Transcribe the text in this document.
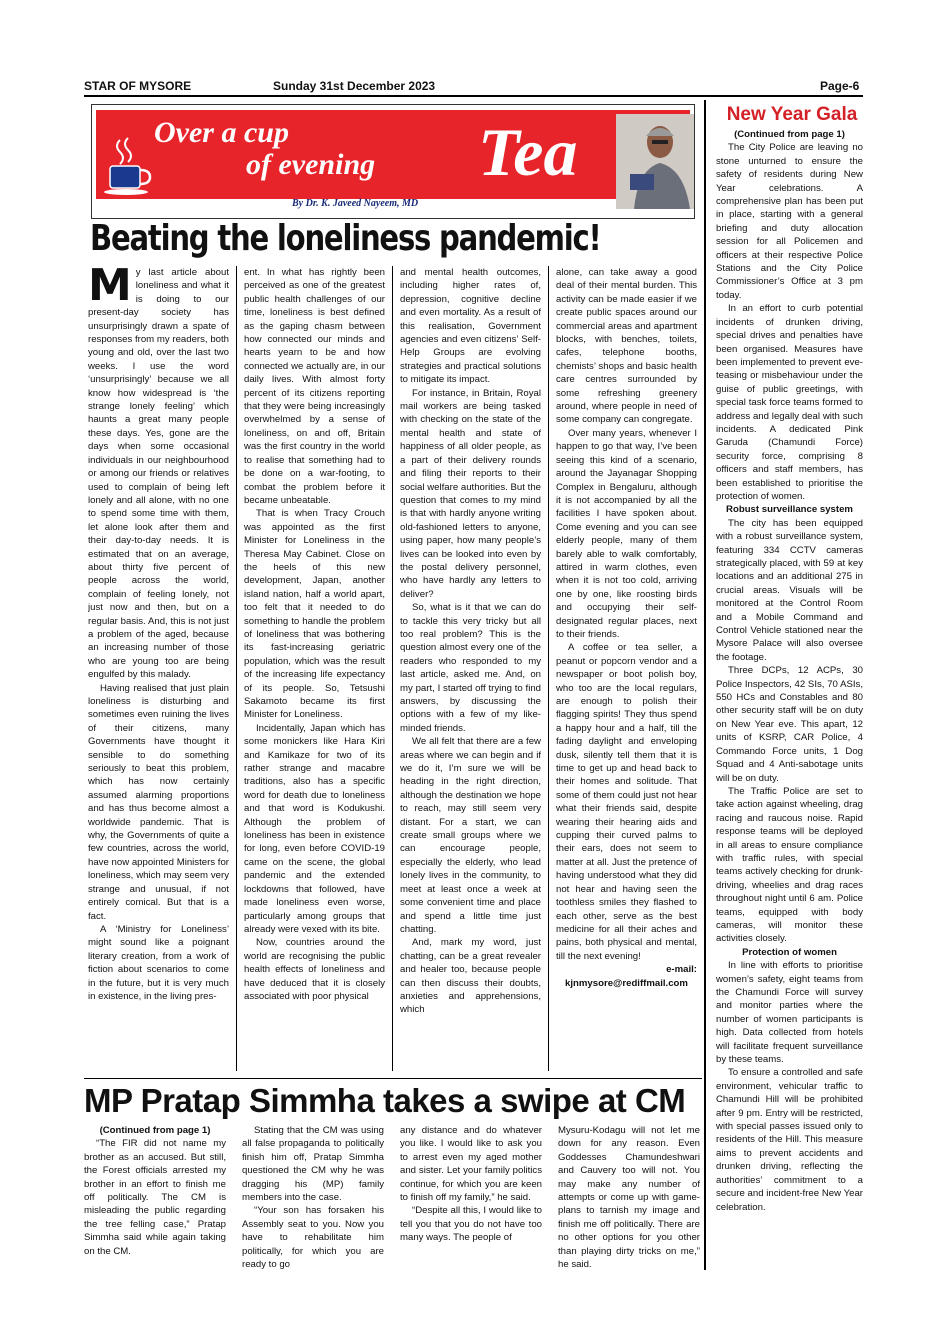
STAR OF MYSORE	Sunday 31st December 2023	Page-6
Over a cup
of evening Tea
By Dr. K. Javeed Nayeem, MD
Beating the loneliness pandemic!

My last article about loneliness and what it is doing to our present-day society has unsurprisingly drawn a spate of responses from my readers, both young and old, over the last two weeks. I use the word ‘unsurprisingly’ because we all know how widespread is ‘the strange lonely feeling’ which haunts a great many people these days. Yes, gone are the days when some occasional individuals in our neighbourhood or among our friends or relatives used to complain of being left lonely and all alone, with no one to spend some time with them, let alone look after them and their day-to-day needs. It is estimated that on an average, about thirty five percent of people across the world, complain of feeling lonely, not just now and then, but on a regular basis. And, this is not just a problem of the aged, because an increasing number of those who are young too are being engulfed by this malady.

Having realised that just plain loneliness is disturbing and sometimes even ruining the lives of their citizens, many Governments have thought it sensible to do something seriously to beat this problem, which has now certainly assumed alarming proportions and has thus become almost a worldwide pandemic. That is why, the Governments of quite a few countries, across the world, have now appointed Ministers for loneliness, which may seem very strange and unusual, if not entirely comical. But that is a fact.

A ‘Ministry for Loneliness’ might sound like a poignant literary creation, from a work of fiction about scenarios to come in the future, but it is very much in existence, in the living pres-

ent. In what has rightly been perceived as one of the greatest public health challenges of our time, loneliness is best defined as the gaping chasm between how connected our minds and hearts yearn to be and how connected we actually are, in our daily lives. With almost forty percent of its citizens reporting that they were being increasingly overwhelmed by a sense of loneliness, on and off, Britain was the first country in the world to realise that something had to be done on a war-footing, to combat the problem before it became unbeatable.

That is when Tracy Crouch was appointed as the first Minister for Loneliness in the Theresa May Cabinet. Close on the heels of this new development, Japan, another island nation, half a world apart, too felt that it needed to do something to handle the problem of loneliness that was bothering its fast-increasing geriatric population, which was the result of the increasing life expectancy of its people. So, Tetsushi Sakamoto became its first Minister for Loneliness.

Incidentally, Japan which has some monickers like Hara Kiri and Kamikaze for two of its rather strange and macabre traditions, also has a specific word for death due to loneliness and that word is Kodukushi. Although the problem of loneliness has been in existence for long, even before COVID-19 came on the scene, the global pandemic and the extended lockdowns that followed, have made loneliness even worse, particularly among groups that already were vexed with its bite.

Now, countries around the world are recognising the public health effects of loneliness and have deduced that it is closely associated with poor physical

and mental health outcomes, including higher rates of, depression, cognitive decline and even mortality. As a result of this realisation, Government agencies and even citizens’ Self-Help Groups are evolving strategies and practical solutions to mitigate its impact.

For instance, in Britain, Royal mail workers are being tasked with checking on the state of the mental health and state of happiness of all older people, as a part of their delivery rounds and filing their reports to their social welfare authorities. But the question that comes to my mind is that with hardly anyone writing old-fashioned letters to anyone, using paper, how many people’s lives can be looked into even by the postal delivery personnel, who have hardly any letters to deliver?

So, what is it that we can do to tackle this very tricky but all too real problem? This is the question almost every one of the readers who responded to my last article, asked me. And, on my part, I started off trying to find answers, by discussing the options with a few of my like-minded friends.

We all felt that there are a few areas where we can begin and if we do it, I’m sure we will be heading in the right direction, although the destination we hope to reach, may still seem very distant. For a start, we can create small groups where we can encourage people, especially the elderly, who lead lonely lives in the community, to meet at least once a week at some convenient time and place and spend a little time just chatting.

And, mark my word, just chatting, can be a great revealer and healer too, because people can then discuss their doubts, anxieties and apprehensions, which

alone, can take away a good deal of their mental burden. This activity can be made easier if we create public spaces around our commercial areas and apartment blocks, with benches, toilets, cafes, telephone booths, chemists’ shops and basic health care centres surrounded by some refreshing greenery around, where people in need of some company can congregate.

Over many years, whenever I happen to go that way, I’ve been seeing this kind of a scenario, around the Jayanagar Shopping Complex in Bengaluru, although it is not accompanied by all the facilities I have spoken about. Come evening and you can see elderly people, many of them barely able to walk comfortably, attired in warm clothes, even when it is not too cold, arriving one by one, like roosting birds and occupying their self-designated regular places, next to their friends.

A coffee or tea seller, a peanut or popcorn vendor and a newspaper or boot polish boy, who too are the local regulars, are enough to polish their flagging spirits! They thus spend a happy hour and a half, till the fading daylight and enveloping dusk, silently tell them that it is time to get up and head back to their homes and solitude. That some of them could just not hear what their friends said, despite wearing their hearing aids and cupping their curved palms to their ears, does not seem to matter at all. Just the pretence of having understood what they did not hear and having seen the toothless smiles they flashed to each other, serve as the best medicine for all their aches and pains, both physical and mental, till the next evening!

e-mail:

kjnmysore@rediffmail.com

New Year Gala

(Continued from page 1)

The City Police are leaving no stone unturned to ensure the safety of residents during New Year celebrations. A comprehensive plan has been put in place, starting with a general briefing and duty allocation session for all Policemen and officers at their respective Police Stations and the City Police Commissioner’s Office at 3 pm today.

In an effort to curb potential incidents of drunken driving, special drives and penalties have been organised. Measures have been implemented to prevent eve-teasing or misbehaviour under the guise of public greetings, with special task force teams formed to address and legally deal with such incidents. A dedicated Pink Garuda (Chamundi Force) security force, comprising 8 officers and staff members, has been established to prioritise the protection of women.

Robust surveillance system

The city has been equipped with a robust surveillance system, featuring 334 CCTV cameras strategically placed, with 59 at key locations and an additional 275 in crucial areas. Visuals will be monitored at the Control Room and a Mobile Command and Control Vehicle stationed near the Mysore Palace will also oversee the footage.

Three DCPs, 12 ACPs, 30 Police Inspectors, 42 SIs, 70 ASIs, 550 HCs and Constables and 80 other security staff will be on duty on New Year eve. This apart, 12 units of KSRP, CAR Police, 4 Commando Force units, 1 Dog Squad and 4 Anti-sabotage units will be on duty.

The Traffic Police are set to take action against wheeling, drag racing and raucous noise. Rapid response teams will be deployed in all areas to ensure compliance with traffic rules, with special teams actively checking for drunk-driving, wheelies and drag races throughout night until 6 am. Police teams, equipped with body cameras, will monitor these activities closely.

Protection of women

In line with efforts to prioritise women’s safety, eight teams from the Chamundi Force will survey and monitor parties where the number of women participants is high. Data collected from hotels will facilitate frequent surveillance by these teams.

To ensure a controlled and safe environment, vehicular traffic to Chamundi Hill will be prohibited after 9 pm. Entry will be restricted, with special passes issued only to residents of the Hill. This measure aims to prevent accidents and drunken driving, reflecting the authorities’ commitment to a secure and incident-free New Year celebration.

MP Pratap Simmha takes a swipe at CM

(Continued from page 1)

“The FIR did not name my brother as an accused. But still, the Forest officials arrested my brother in an effort to finish me off politically. The CM is misleading the public regarding the tree felling case,” Pratap Simmha said while again taking on the CM.

Stating that the CM was using all false propaganda to politically finish him off, Pratap Simmha questioned the CM why he was dragging his (MP) family members into the case.

“Your son has forsaken his Assembly seat to you. Now you have to rehabilitate him politically, for which you are ready to go

any distance and do whatever you like. I would like to ask you to arrest even my aged mother and sister. Let your family politics continue, for which you are keen to finish off my family,” he said.

“Despite all this, I would like to tell you that you do not have too many ways. The people of

Mysuru-Kodagu will not let me down for any reason. Even Goddesses Chamundeshwari and Cauvery too will not. You may make any number of attempts or come up with game-plans to tarnish my image and finish me off politically. There are no other options for you other than playing dirty tricks on me,” he said.
